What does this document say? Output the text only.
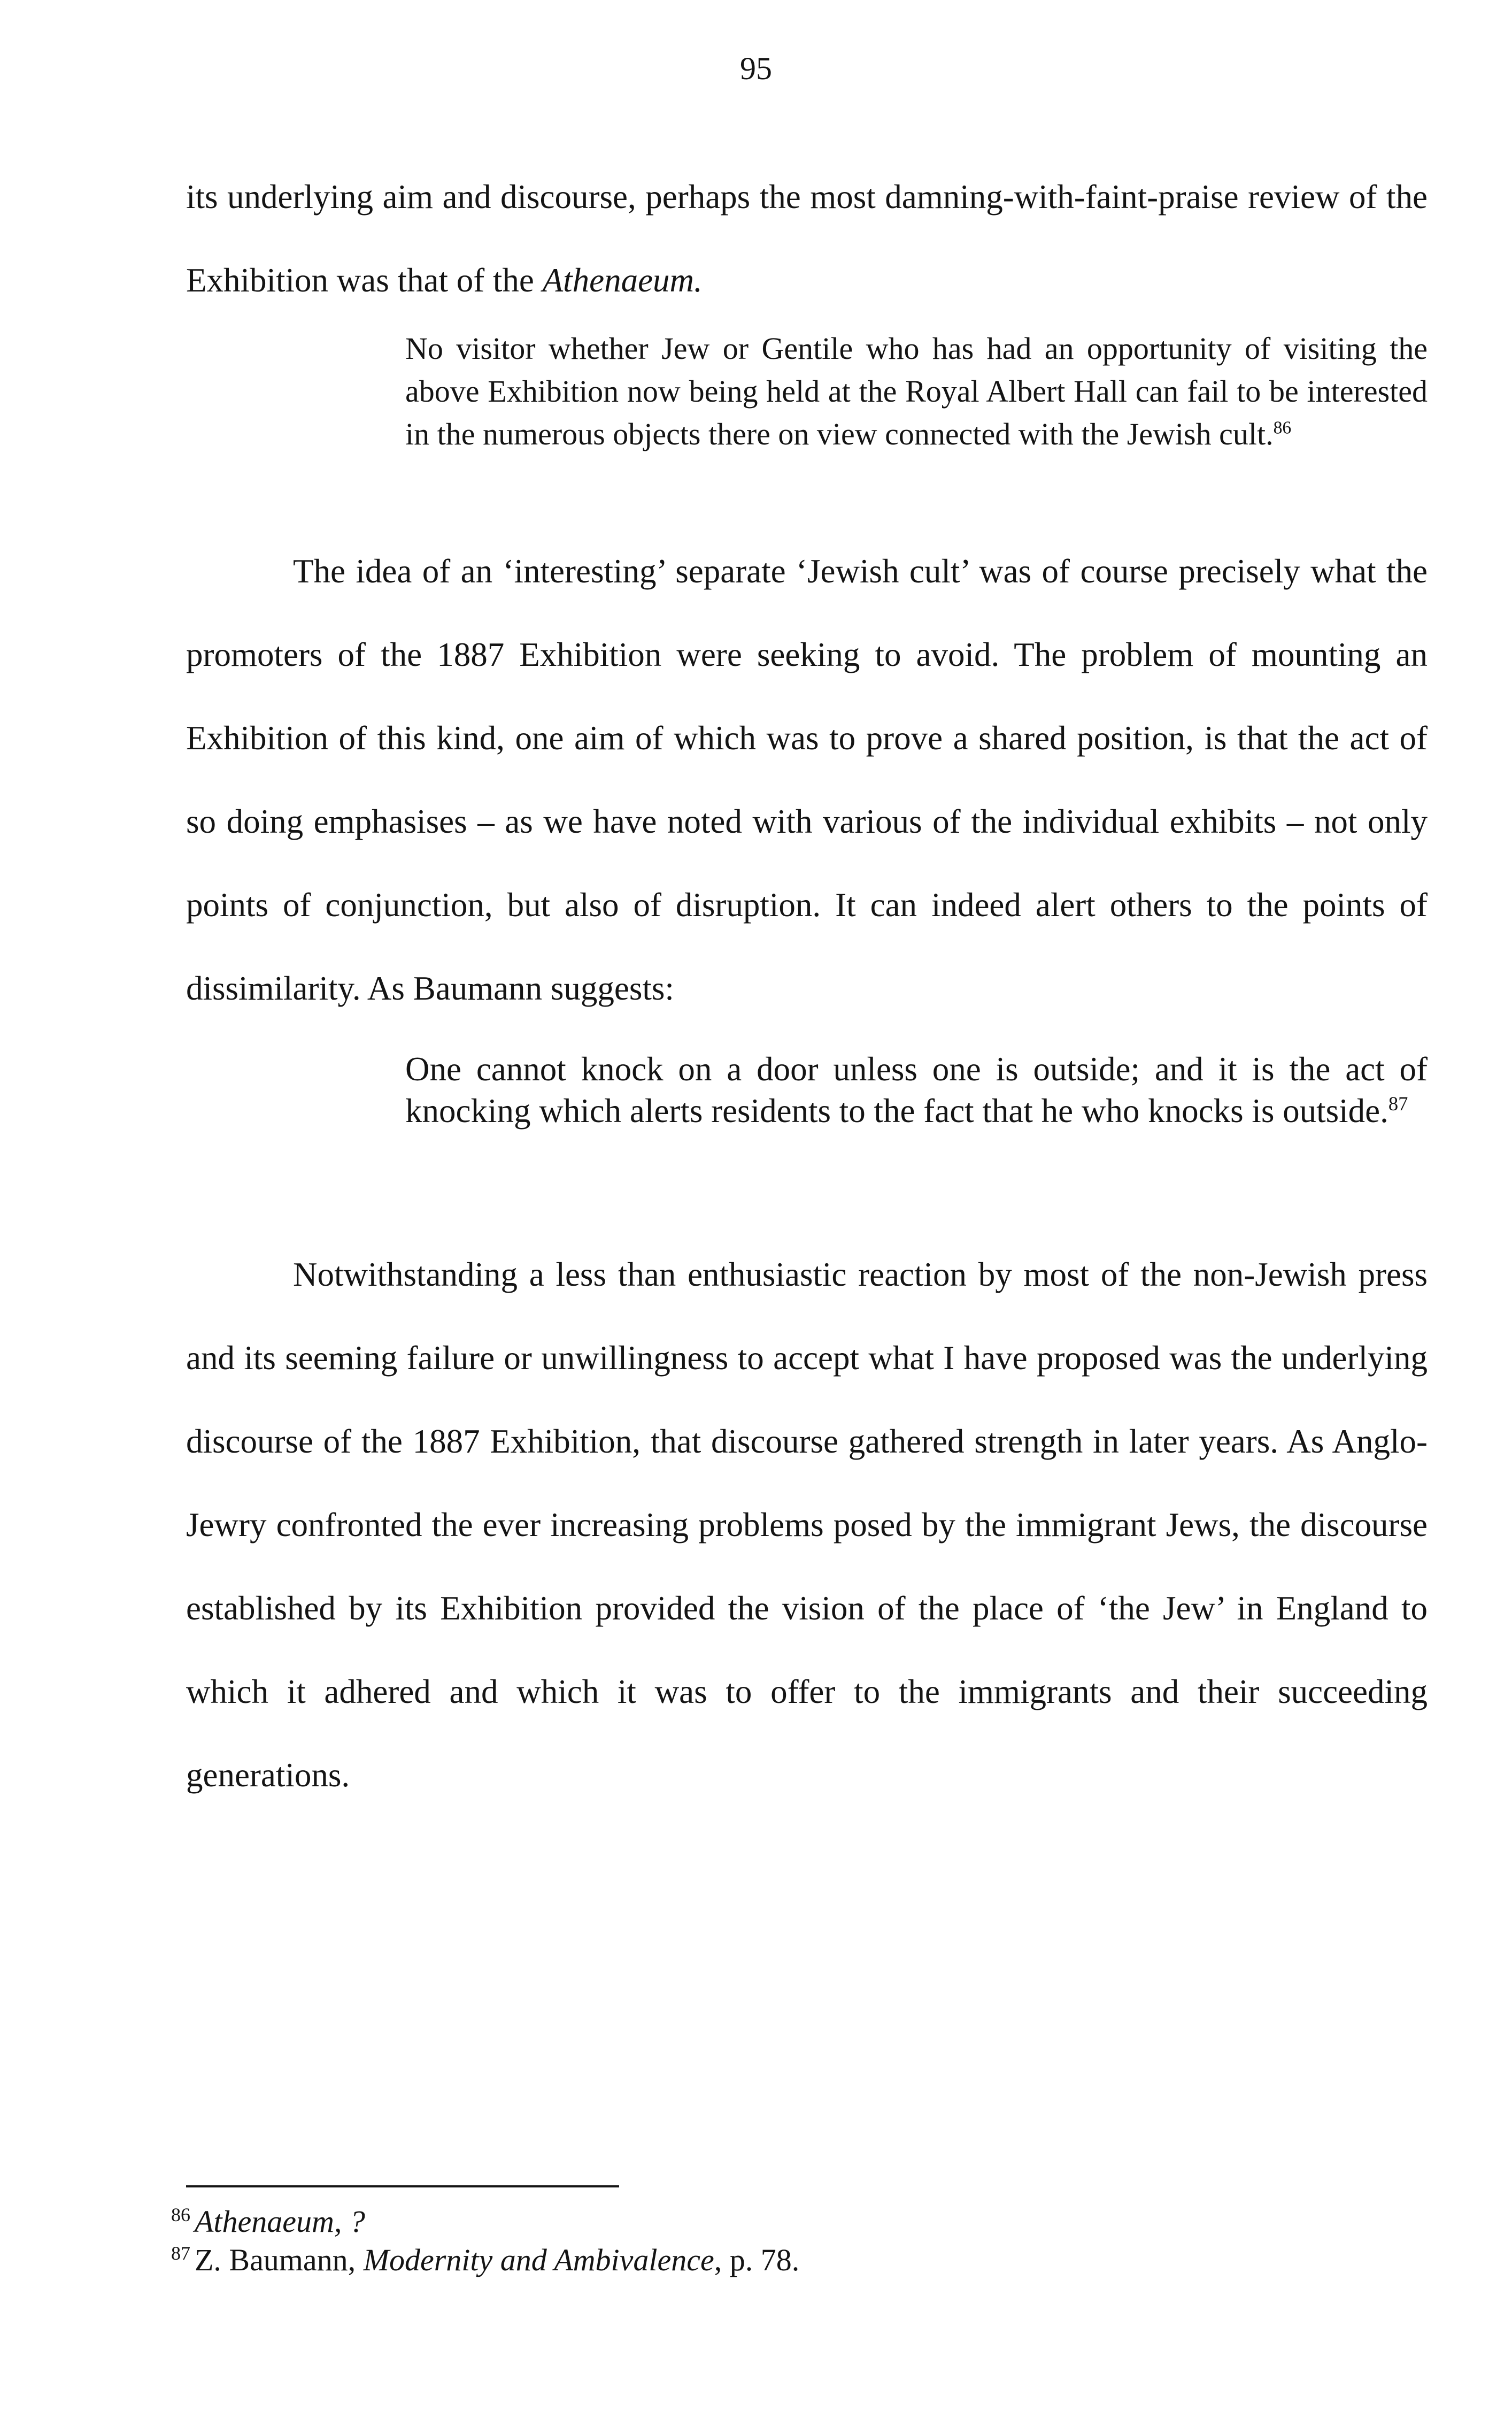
95

its underlying aim and discourse, perhaps the most damning-with-faint-praise review of the Exhibition was that of the Athenaeum.

No visitor whether Jew or Gentile who has had an opportunity of visiting the above Exhibition now being held at the Royal Albert Hall can fail to be interested in the numerous objects there on view connected with the Jewish cult.$^{86}$

The idea of an ‘interesting’ separate ‘Jewish cult’ was of course precisely what the promoters of the 1887 Exhibition were seeking to avoid. The problem of mounting an Exhibition of this kind, one aim of which was to prove a shared position, is that the act of so doing emphasises – as we have noted with various of the individual exhibits – not only points of conjunction, but also of disruption. It can indeed alert others to the points of dissimilarity. As Baumann suggests:

One cannot knock on a door unless one is outside; and it is the act of knocking which alerts residents to the fact that he who knocks is outside.$^{87}$

Notwithstanding a less than enthusiastic reaction by most of the non-Jewish press and its seeming failure or unwillingness to accept what I have proposed was the underlying discourse of the 1887 Exhibition, that discourse gathered strength in later years. As Anglo-Jewry confronted the ever increasing problems posed by the immigrant Jews, the discourse established by its Exhibition provided the vision of the place of ‘the Jew’ in England to which it adhered and which it was to offer to the immigrants and their succeeding generations.

$^{86}$ Athenaeum, ?

$^{87}$ Z. Baumann, Modernity and Ambivalence, p. 78.
